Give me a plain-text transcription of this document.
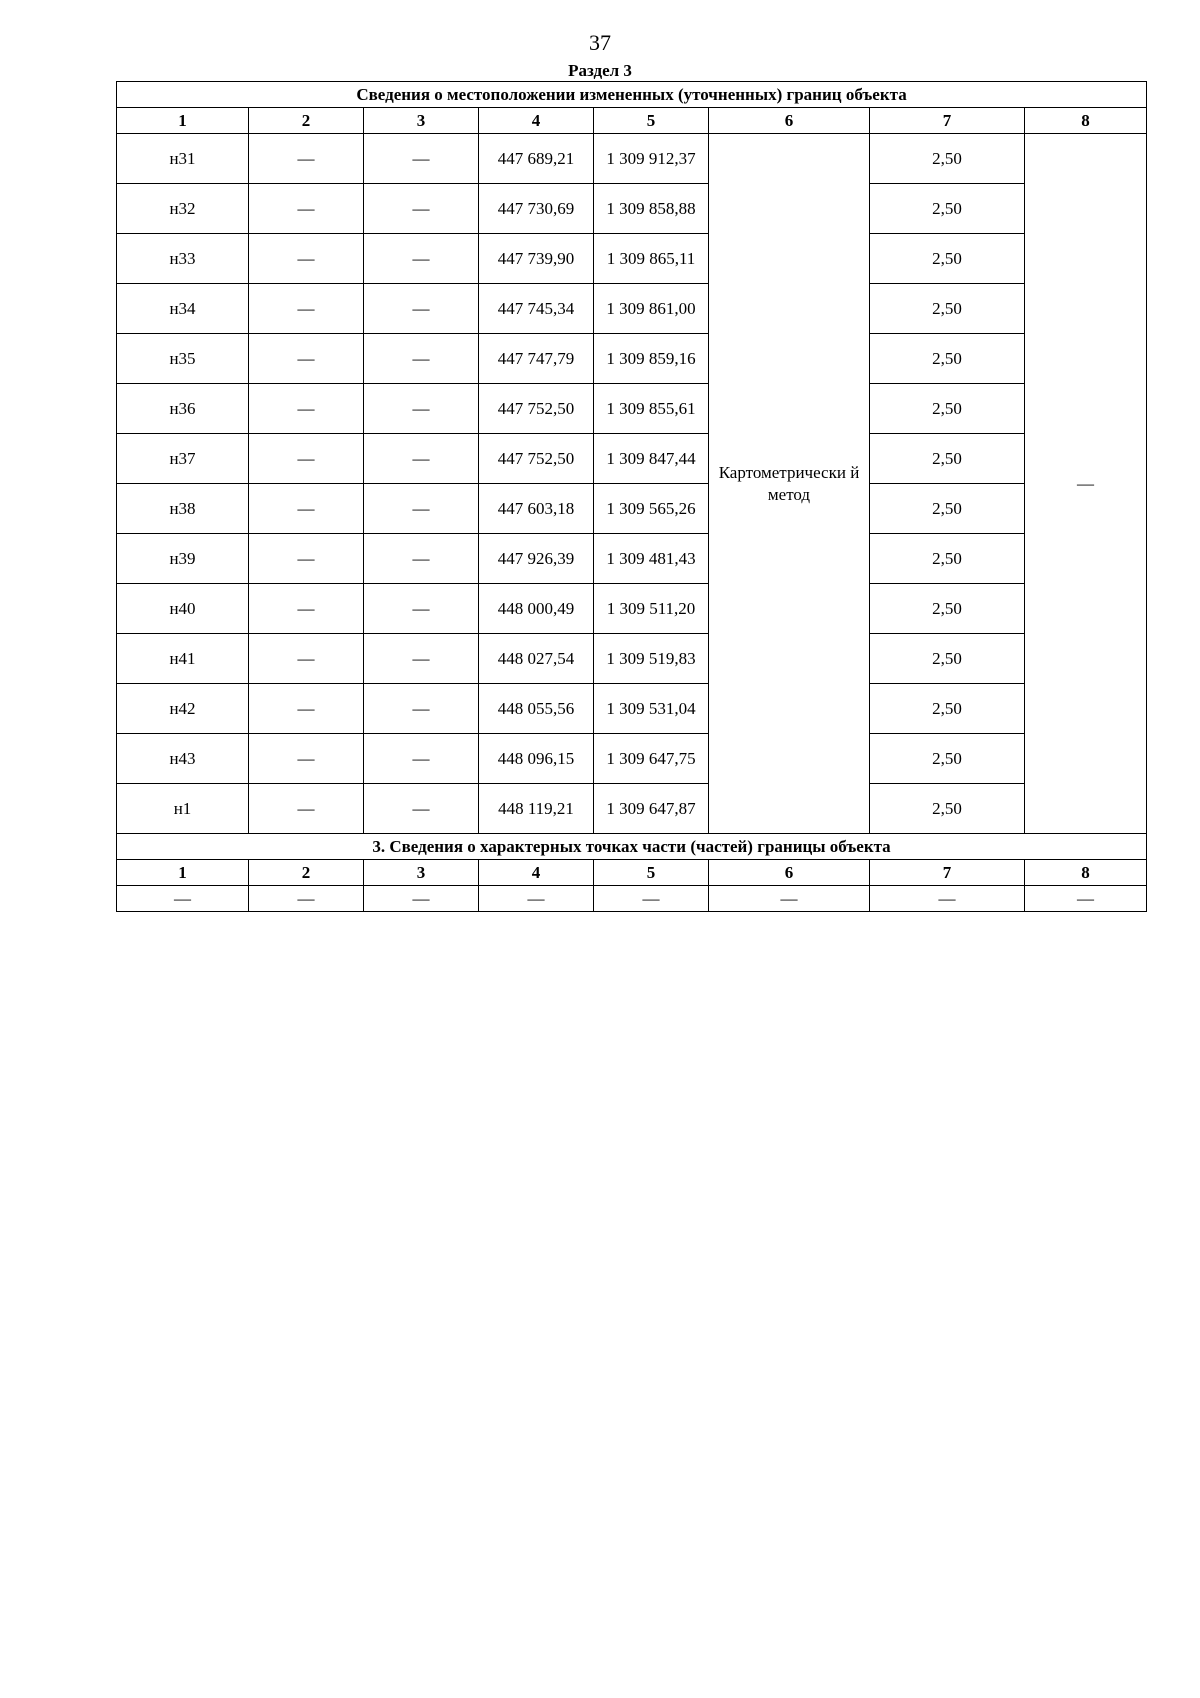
37
Раздел 3
Сведения о местоположении измененных (уточненных) границ объекта							
1	2	3	4	5	6	7	8
н31	—	—	447 689,21	1 309 912,37	Картометрически й метод	2,50	—
н32	—	—	447 730,69	1 309 858,88		2,50	
н33	—	—	447 739,90	1 309 865,11		2,50	
н34	—	—	447 745,34	1 309 861,00		2,50	
н35	—	—	447 747,79	1 309 859,16		2,50	
н36	—	—	447 752,50	1 309 855,61		2,50	
н37	—	—	447 752,50	1 309 847,44		2,50	
н38	—	—	447 603,18	1 309 565,26		2,50	
н39	—	—	447 926,39	1 309 481,43		2,50	
н40	—	—	448 000,49	1 309 511,20		2,50	
н41	—	—	448 027,54	1 309 519,83		2,50	
н42	—	—	448 055,56	1 309 531,04		2,50	
н43	—	—	448 096,15	1 309 647,75		2,50	
н1	—	—	448 119,21	1 309 647,87		2,50	
3. Сведения о характерных точках части (частей) границы объекта							
1	2	3	4	5	6	7	8
—	—	—	—	—	—	—	—
